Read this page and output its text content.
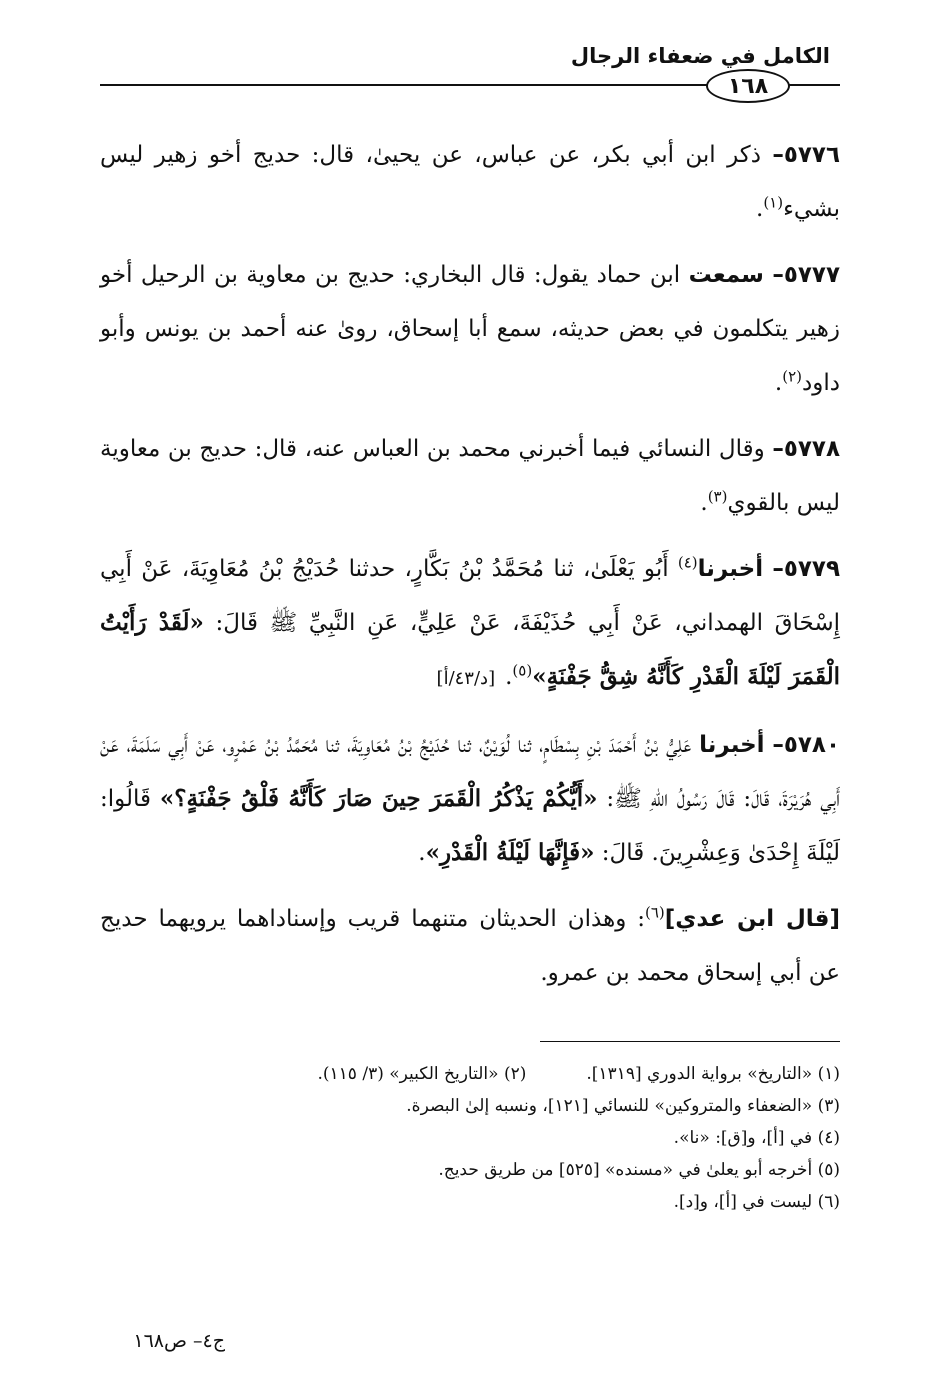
الكامل في ضعفاء الرجال
١٦٨

٥٧٧٦– ذكر ابن أبي بكر، عن عباس، عن يحيىٰ، قال: حديج أخو زهير ليس بشيء$^{(١)}$.

٥٧٧٧– سمعت ابن حماد يقول: قال البخاري: حديج بن معاوية بن الرحيل أخو زهير يتكلمون في بعض حديثه، سمع أبا إسحاق، روىٰ عنه أحمد بن يونس وأبو داود$^{(٢)}$.

٥٧٧٨– وقال النسائي فيما أخبرني محمد بن العباس عنه، قال: حديج بن معاوية ليس بالقوي$^{(٣)}$.

٥٧٧٩– أخبرنا$^{(٤)}$ أَبُو يَعْلَىٰ، ثنا مُحَمَّدُ بْنُ بَكَّارٍ، حدثنا حُدَيْجُ بْنُ مُعَاوِيَةَ، عَنْ أَبِي إِسْحَاقَ الهمداني، عَنْ أَبِي حُذَيْفَةَ، عَنْ عَلِيٍّ، عَنِ النَّبِيِّ ﷺ قَالَ: «لَقَدْ رَأَيْتُ الْقَمَرَ لَيْلَةَ الْقَدْرِ كَأَنَّهُ شِقُّ جَفْنَةٍ»$^{(٥)}$.[د/٤٣/أ]

٥٧٨٠– أخبرنا عَلِيُّ بْنُ أَحْمَدَ بْنِ بِسْطَامٍ، ثنا لُوَيْنٌ، ثنا حُدَيْجُ بْنُ مُعَاوِيَةَ، ثنا مُحَمَّدُ بْنُ عَمْرٍو، عَنْ أَبِي سَلَمَةَ، عَنْ أَبِي هُرَيْرَةَ، قَالَ: قَالَ رَسُولُ اللهِ ﷺ: «أَيُّكُمْ يَذْكُرُ الْقَمَرَ حِينَ صَارَ كَأَنَّهُ فَلْقُ جَفْنَةٍ؟» قَالُوا: لَيْلَةَ إِحْدَىٰ وَعِشْرِينَ. قَالَ: «فَإِنَّهَا لَيْلَةُ الْقَدْرِ».

[قال ابن عدي]$^{(٦)}$: وهذان الحديثان متنهما قريب وإسناداهما يرويهما حديج عن أبي إسحاق محمد بن عمرو.

(١) «التاريخ» برواية الدوري [١٣١٩].
(٢) «التاريخ الكبير» (٣/ ١١٥).
(٣) «الضعفاء والمتروكين» للنسائي [١٢١]، ونسبه إلىٰ البصرة.
(٤) في [أ]، و[ق]: «نا».
(٥) أخرجه أبو يعلىٰ في «مسنده» [٥٢٥] من طريق حديج.
(٦) ليست في [أ]، و[د].
ج٤– ص١٦٨
